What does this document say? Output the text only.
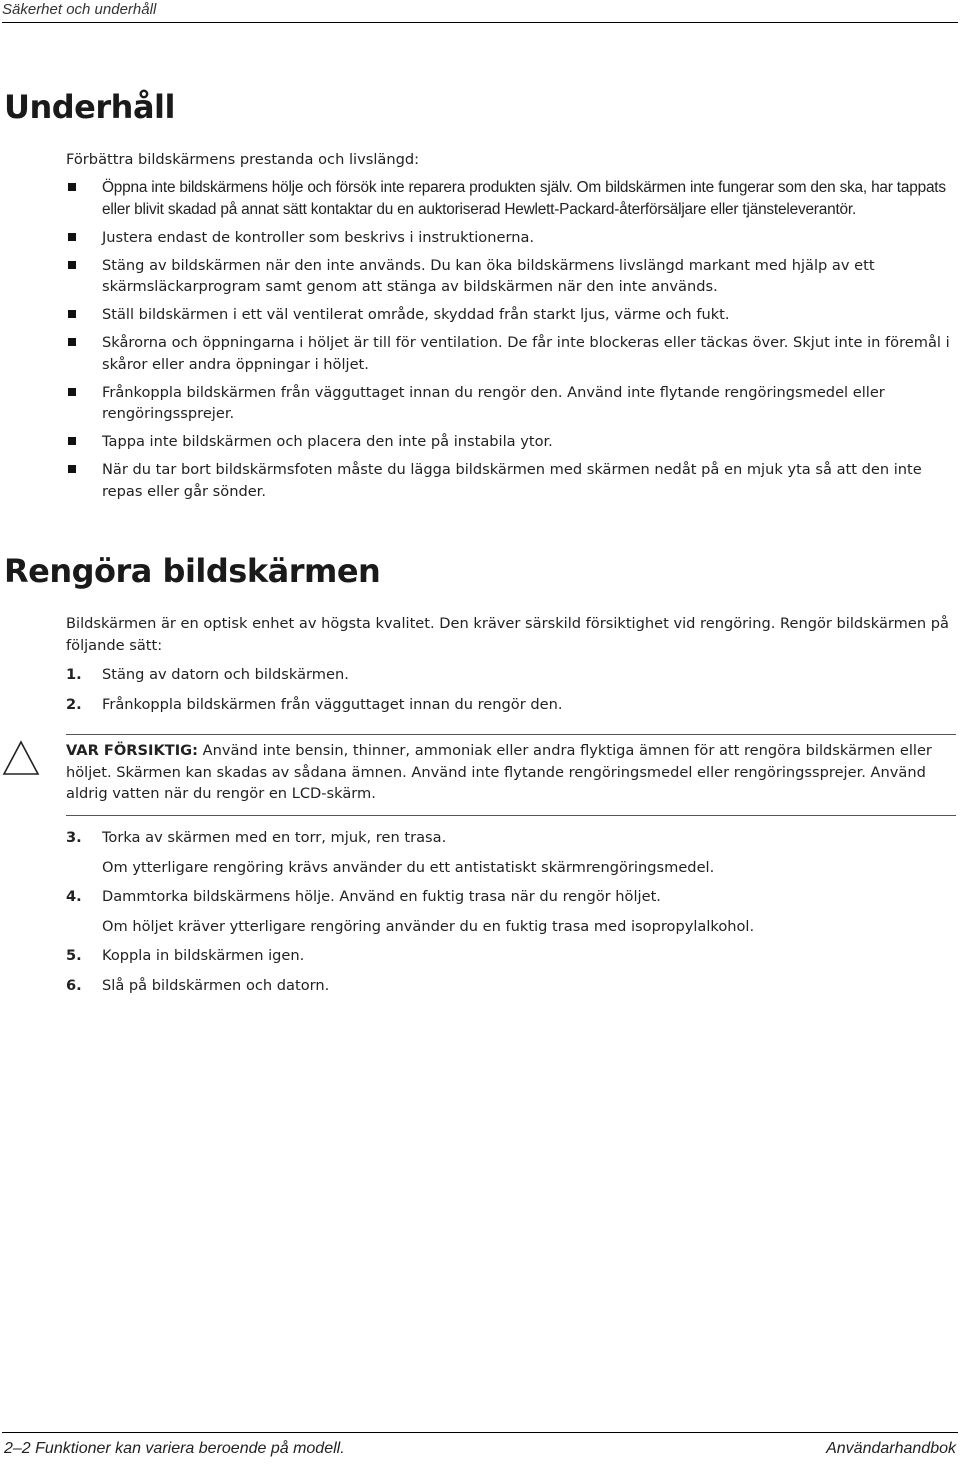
Säkerhet och underhåll
Underhåll

Förbättra bildskärmens prestanda och livslängd:

Öppna inte bildskärmens hölje och försök inte reparera produkten själv. Om bildskärmen inte fungerar som den ska, har tappats eller blivit skadad på annat sätt kontaktar du en auktoriserad Hewlett-Packard-återförsäljare eller tjänsteleverantör.
Justera endast de kontroller som beskrivs i instruktionerna.
Stäng av bildskärmen när den inte används. Du kan öka bildskärmens livslängd markant med hjälp av ett skärmsläckarprogram samt genom att stänga av bildskärmen när den inte används.
Ställ bildskärmen i ett väl ventilerat område, skyddad från starkt ljus, värme och fukt.
Skårorna och öppningarna i höljet är till för ventilation. De får inte blockeras eller täckas över. Skjut inte in föremål i skåror eller andra öppningar i höljet.
Frånkoppla bildskärmen från vägguttaget innan du rengör den. Använd inte flytande rengöringsmedel eller rengöringssprejer.
Tappa inte bildskärmen och placera den inte på instabila ytor.
När du tar bort bildskärmsfoten måste du lägga bildskärmen med skärmen nedåt på en mjuk yta så att den inte repas eller går sönder.
Rengöra bildskärmen

Bildskärmen är en optisk enhet av högsta kvalitet. Den kräver särskild försiktighet vid rengöring. Rengör bildskärmen på följande sätt:

1. Stäng av datorn och bildskärmen.
2. Frånkoppla bildskärmen från vägguttaget innan du rengör den.
VAR FÖRSIKTIG: Använd inte bensin, thinner, ammoniak eller andra flyktiga ämnen för att rengöra bildskärmen eller höljet. Skärmen kan skadas av sådana ämnen. Använd inte flytande rengöringsmedel eller rengöringssprejer. Använd aldrig vatten när du rengör en LCD-skärm.
3. Torka av skärmen med en torr, mjuk, ren trasa.
Om ytterligare rengöring krävs använder du ett antistatiskt skärmrengöringsmedel.
4. Dammtorka bildskärmens hölje. Använd en fuktig trasa när du rengör höljet.
Om höljet kräver ytterligare rengöring använder du en fuktig trasa med isopropylalkohol.
5. Koppla in bildskärmen igen.
6. Slå på bildskärmen och datorn.
2–2 Funktioner kan variera beroende på modell.	Användarhandbok
